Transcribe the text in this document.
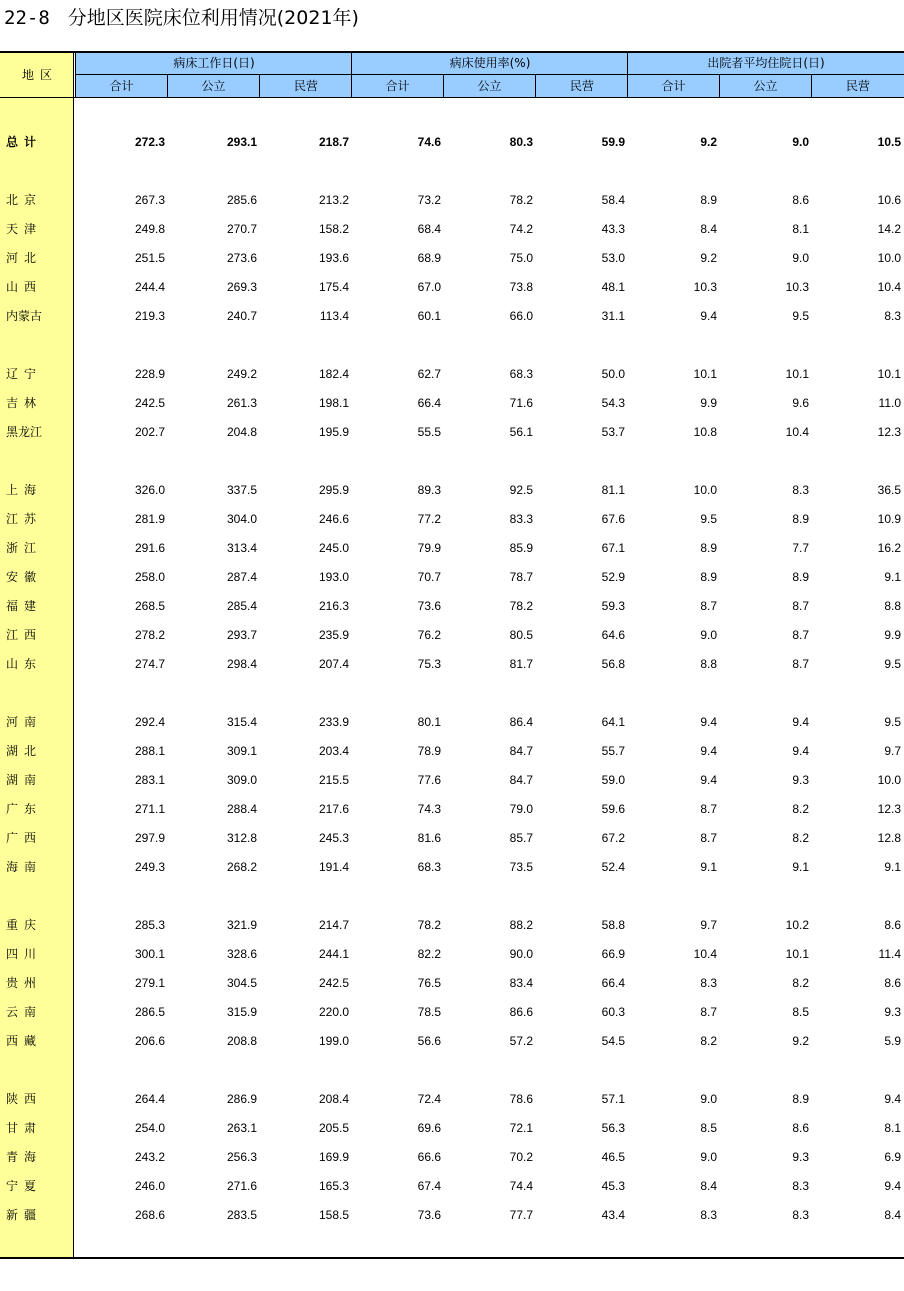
22-8 分地区医院床位利用情况(2021年)
地区
病床工作日(日)	病床使用率(%)	出院者平均住院日(日)
合计	公立	民营	合计	公立	民营	合计	公立	民营
总计	272.3	293.1	218.7	74.6	80.3	59.9	9.2	9.0	10.5
北京	267.3	285.6	213.2	73.2	78.2	58.4	8.9	8.6	10.6
天津	249.8	270.7	158.2	68.4	74.2	43.3	8.4	8.1	14.2
河北	251.5	273.6	193.6	68.9	75.0	53.0	9.2	9.0	10.0
山西	244.4	269.3	175.4	67.0	73.8	48.1	10.3	10.3	10.4
内蒙古	219.3	240.7	113.4	60.1	66.0	31.1	9.4	9.5	8.3
辽宁	228.9	249.2	182.4	62.7	68.3	50.0	10.1	10.1	10.1
吉林	242.5	261.3	198.1	66.4	71.6	54.3	9.9	9.6	11.0
黑龙江	202.7	204.8	195.9	55.5	56.1	53.7	10.8	10.4	12.3
上海	326.0	337.5	295.9	89.3	92.5	81.1	10.0	8.3	36.5
江苏	281.9	304.0	246.6	77.2	83.3	67.6	9.5	8.9	10.9
浙江	291.6	313.4	245.0	79.9	85.9	67.1	8.9	7.7	16.2
安徽	258.0	287.4	193.0	70.7	78.7	52.9	8.9	8.9	9.1
福建	268.5	285.4	216.3	73.6	78.2	59.3	8.7	8.7	8.8
江西	278.2	293.7	235.9	76.2	80.5	64.6	9.0	8.7	9.9
山东	274.7	298.4	207.4	75.3	81.7	56.8	8.8	8.7	9.5
河南	292.4	315.4	233.9	80.1	86.4	64.1	9.4	9.4	9.5
湖北	288.1	309.1	203.4	78.9	84.7	55.7	9.4	9.4	9.7
湖南	283.1	309.0	215.5	77.6	84.7	59.0	9.4	9.3	10.0
广东	271.1	288.4	217.6	74.3	79.0	59.6	8.7	8.2	12.3
广西	297.9	312.8	245.3	81.6	85.7	67.2	8.7	8.2	12.8
海南	249.3	268.2	191.4	68.3	73.5	52.4	9.1	9.1	9.1
重庆	285.3	321.9	214.7	78.2	88.2	58.8	9.7	10.2	8.6
四川	300.1	328.6	244.1	82.2	90.0	66.9	10.4	10.1	11.4
贵州	279.1	304.5	242.5	76.5	83.4	66.4	8.3	8.2	8.6
云南	286.5	315.9	220.0	78.5	86.6	60.3	8.7	8.5	9.3
西藏	206.6	208.8	199.0	56.6	57.2	54.5	8.2	9.2	5.9
陕西	264.4	286.9	208.4	72.4	78.6	57.1	9.0	8.9	9.4
甘肃	254.0	263.1	205.5	69.6	72.1	56.3	8.5	8.6	8.1
青海	243.2	256.3	169.9	66.6	70.2	46.5	9.0	9.3	6.9
宁夏	246.0	271.6	165.3	67.4	74.4	45.3	8.4	8.3	9.4
新疆	268.6	283.5	158.5	73.6	77.7	43.4	8.3	8.3	8.4
